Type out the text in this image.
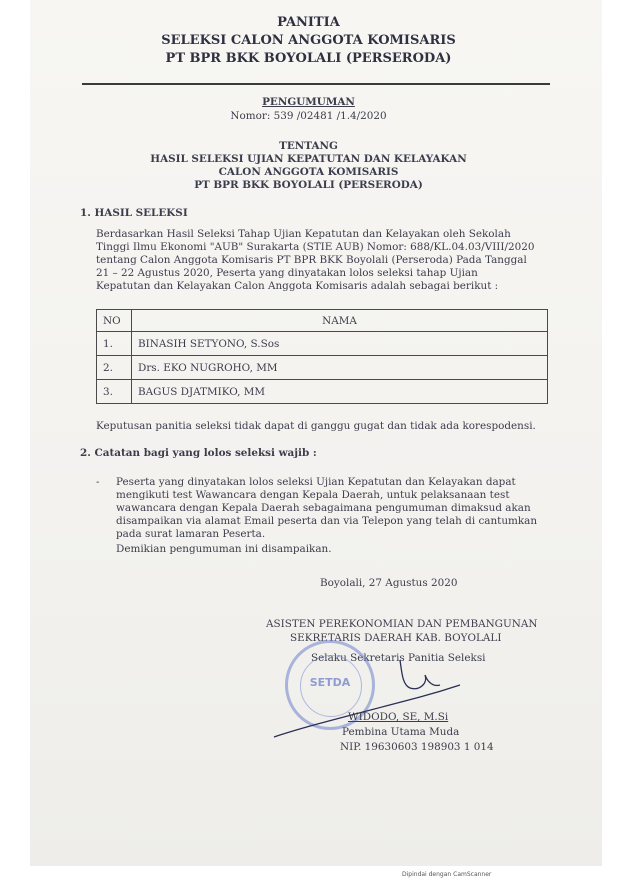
PANITIA
SELEKSI CALON ANGGOTA KOMISARIS
PT BPR BKK BOYOLALI (PERSERODA)
PENGUMUMAN
Nomor: 539 /02481 /1.4/2020
TENTANG
HASIL SELEKSI UJIAN KEPATUTAN DAN KELAYAKAN
CALON ANGGOTA KOMISARIS
PT BPR BKK BOYOLALI (PERSERODA)
1. HASIL SELEKSI
Berdasarkan Hasil Seleksi Tahap Ujian Kepatutan dan Kelayakan oleh Sekolah
Tinggi Ilmu Ekonomi "AUB" Surakarta (STIE AUB) Nomor: 688/KL.04.03/VIII/2020
tentang Calon Anggota Komisaris PT BPR BKK Boyolali (Perseroda) Pada Tanggal
21 – 22 Agustus 2020, Peserta yang dinyatakan lolos seleksi tahap Ujian
Kepatutan dan Kelayakan Calon Anggota Komisaris adalah sebagai berikut :
NO	NAMA
1.	BINASIH SETYONO, S.Sos
2.	Drs. EKO NUGROHO, MM
3.	BAGUS DJATMIKO, MM
Keputusan panitia seleksi tidak dapat di ganggu gugat dan tidak ada korespodensi.
2. Catatan bagi yang lolos seleksi wajib :
- Peserta yang dinyatakan lolos seleksi Ujian Kepatutan dan Kelayakan dapat
mengikuti test Wawancara dengan Kepala Daerah, untuk pelaksanaan test
wawancara dengan Kepala Daerah sebagaimana pengumuman dimaksud akan
disampaikan via alamat Email peserta dan via Telepon yang telah di cantumkan
pada surat lamaran Peserta.
Demikian pengumuman ini disampaikan.
Boyolali, 27 Agustus 2020
ASISTEN PEREKONOMIAN DAN PEMBANGUNAN
SEKRETARIS DAERAH KAB. BOYOLALI
Selaku Sekretaris Panitia Seleksi
SETDA
WIDODO, SE, M.Si
Pembina Utama Muda
NIP. 19630603 198903 1 014
Dipindai dengan CamScanner
